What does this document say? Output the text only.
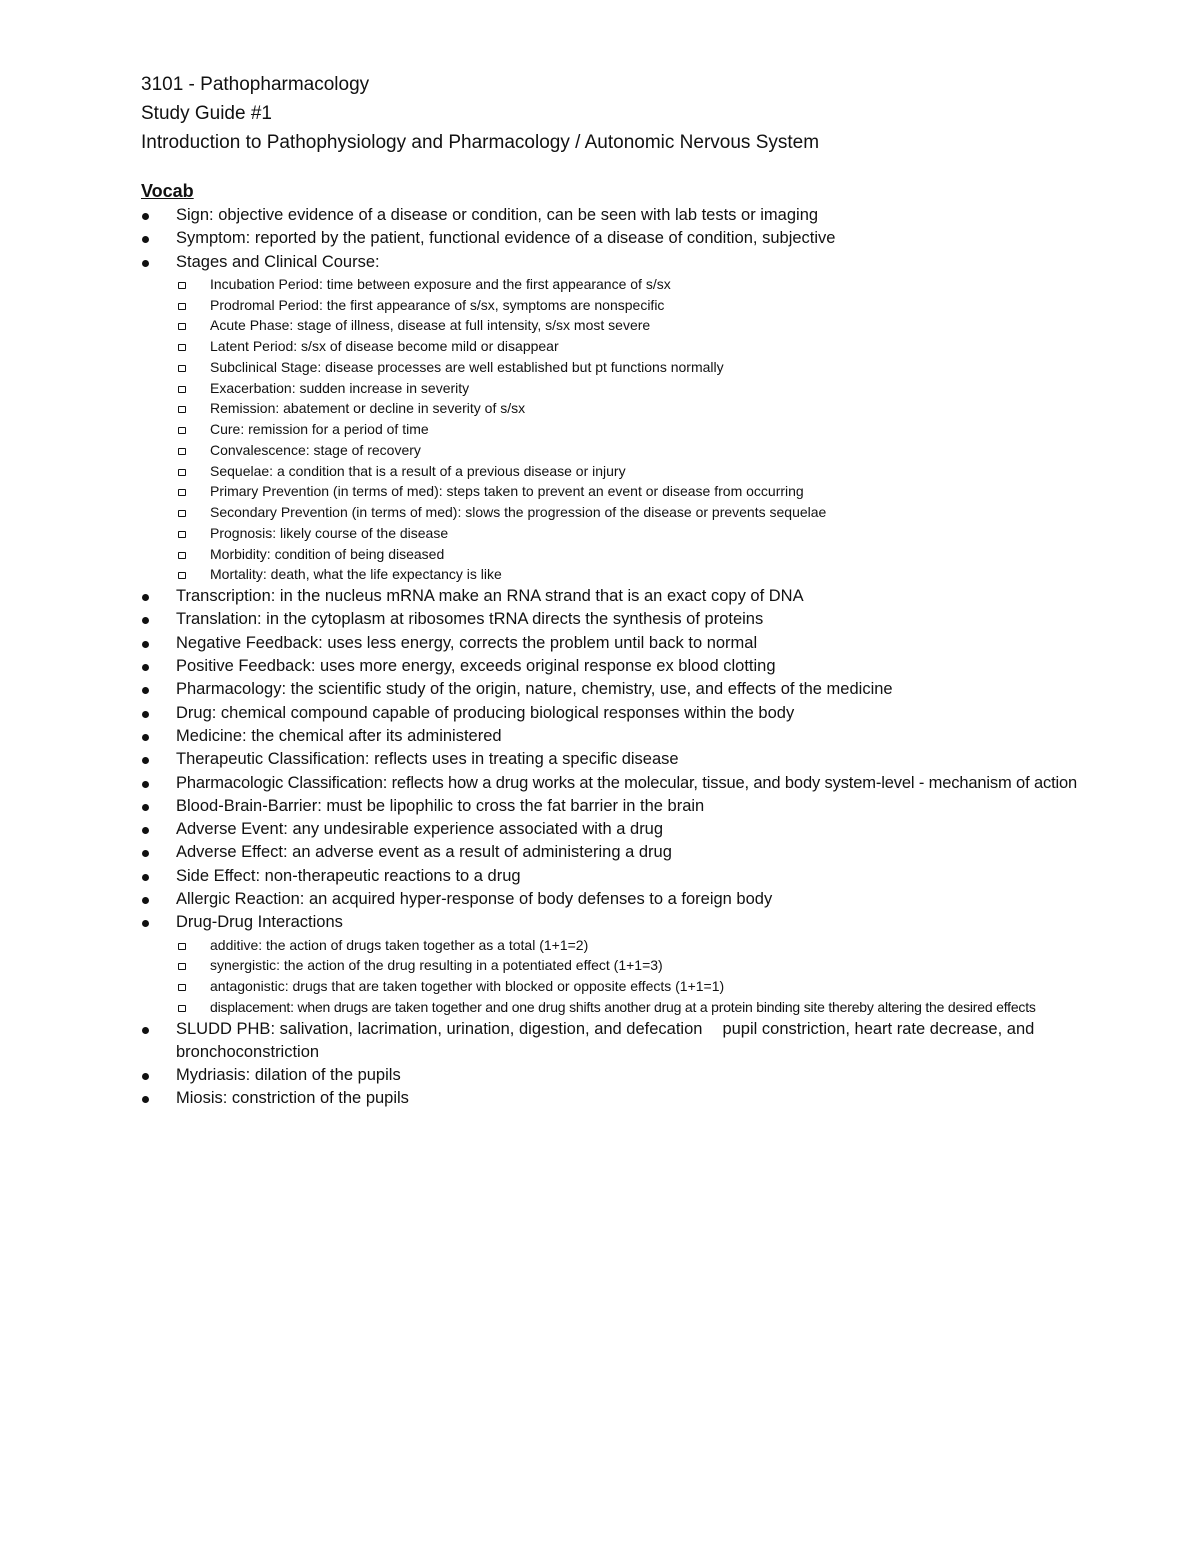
3101 - Pathopharmacology
Study Guide #1
Introduction to Pathophysiology and Pharmacology / Autonomic Nervous System
Vocab
Sign: objective evidence of a disease or condition, can be seen with lab tests or imaging
Symptom: reported by the patient, functional evidence of a disease of condition, subjective
Stages and Clinical Course:
Incubation Period: time between exposure and the first appearance of s/sx
Prodromal Period: the first appearance of s/sx, symptoms are nonspecific
Acute Phase: stage of illness, disease at full intensity, s/sx most severe
Latent Period: s/sx of disease become mild or disappear
Subclinical Stage: disease processes are well established but pt functions normally
Exacerbation: sudden increase in severity
Remission: abatement or decline in severity of s/sx
Cure: remission for a period of time
Convalescence: stage of recovery
Sequelae: a condition that is a result of a previous disease or injury
Primary Prevention (in terms of med): steps taken to prevent an event or disease from occurring
Secondary Prevention (in terms of med): slows the progression of the disease or prevents sequelae
Prognosis: likely course of the disease
Morbidity: condition of being diseased
Mortality: death, what the life expectancy is like
Transcription: in the nucleus mRNA make an RNA strand that is an exact copy of DNA
Translation: in the cytoplasm at ribosomes tRNA directs the synthesis of proteins
Negative Feedback: uses less energy, corrects the problem until back to normal
Positive Feedback: uses more energy, exceeds original response ex blood clotting
Pharmacology: the scientific study of the origin, nature, chemistry, use, and effects of the medicine
Drug: chemical compound capable of producing biological responses within the body
Medicine: the chemical after its administered
Therapeutic Classification: reflects uses in treating a specific disease
Pharmacologic Classification: reflects how a drug works at the molecular, tissue, and body system-level - mechanism of action
Blood-Brain-Barrier: must be lipophilic to cross the fat barrier in the brain
Adverse Event: any undesirable experience associated with a drug
Adverse Effect: an adverse event as a result of administering a drug
Side Effect: non-therapeutic reactions to a drug
Allergic Reaction: an acquired hyper-response of body defenses to a foreign body
Drug-Drug Interactions
additive: the action of drugs taken together as a total (1+1=2)
synergistic: the action of the drug resulting in a potentiated effect (1+1=3)
antagonistic: drugs that are taken together with blocked or opposite effects (1+1=1)
displacement: when drugs are taken together and one drug shifts another drug at a protein binding site thereby altering the desired effects
SLUDD PHB: salivation, lacrimation, urination, digestion, and defecation pupil constriction, heart rate decrease, and bronchoconstriction
Mydriasis: dilation of the pupils
Miosis: constriction of the pupils
